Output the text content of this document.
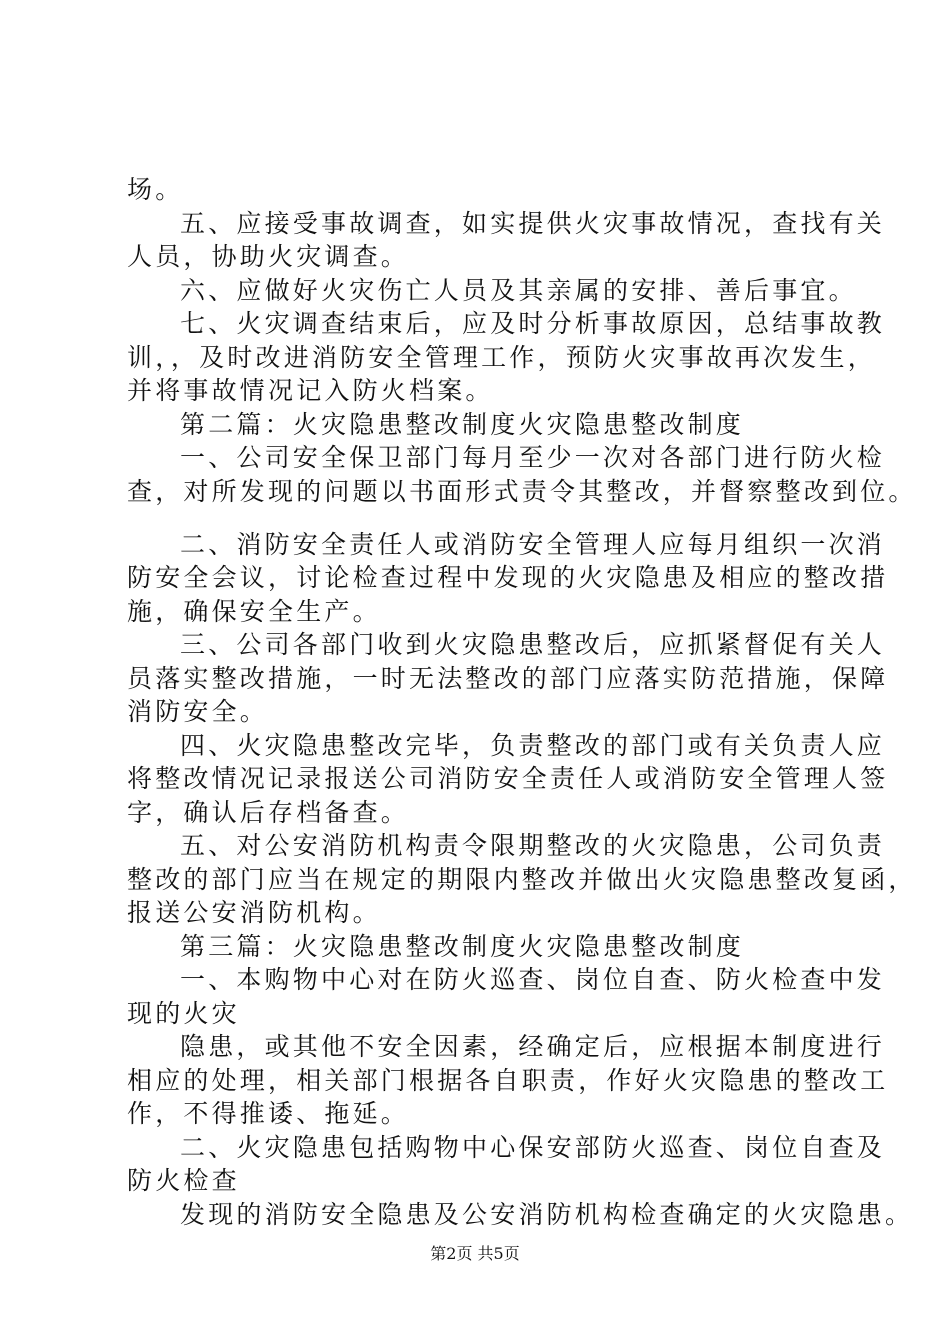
场。
五、应接受事故调查，如实提供火灾事故情况，查找有关
人员，协助火灾调查。
六、应做好火灾伤亡人员及其亲属的安排、善后事宜。
七、火灾调查结束后，应及时分析事故原因，总结事故教
训，，及时改进消防安全管理工作，预防火灾事故再次发生，
并将事故情况记入防火档案。
第二篇：火灾隐患整改制度火灾隐患整改制度
一、公司安全保卫部门每月至少一次对各部门进行防火检
查，对所发现的问题以书面形式责令其整改，并督察整改到位。
二、消防安全责任人或消防安全管理人应每月组织一次消
防安全会议，讨论检查过程中发现的火灾隐患及相应的整改措
施，确保安全生产。
三、公司各部门收到火灾隐患整改后，应抓紧督促有关人
员落实整改措施，一时无法整改的部门应落实防范措施，保障
消防安全。
四、火灾隐患整改完毕，负责整改的部门或有关负责人应
将整改情况记录报送公司消防安全责任人或消防安全管理人签
字，确认后存档备查。
五、对公安消防机构责令限期整改的火灾隐患，公司负责
整改的部门应当在规定的期限内整改并做出火灾隐患整改复函，
报送公安消防机构。
第三篇：火灾隐患整改制度火灾隐患整改制度
一、本购物中心对在防火巡查、岗位自查、防火检查中发
现的火灾
隐患，或其他不安全因素，经确定后，应根据本制度进行
相应的处理，相关部门根据各自职责，作好火灾隐患的整改工
作，不得推诿、拖延。
二、火灾隐患包括购物中心保安部防火巡查、岗位自查及
防火检查
发现的消防安全隐患及公安消防机构检查确定的火灾隐患。
第2页 共5页
